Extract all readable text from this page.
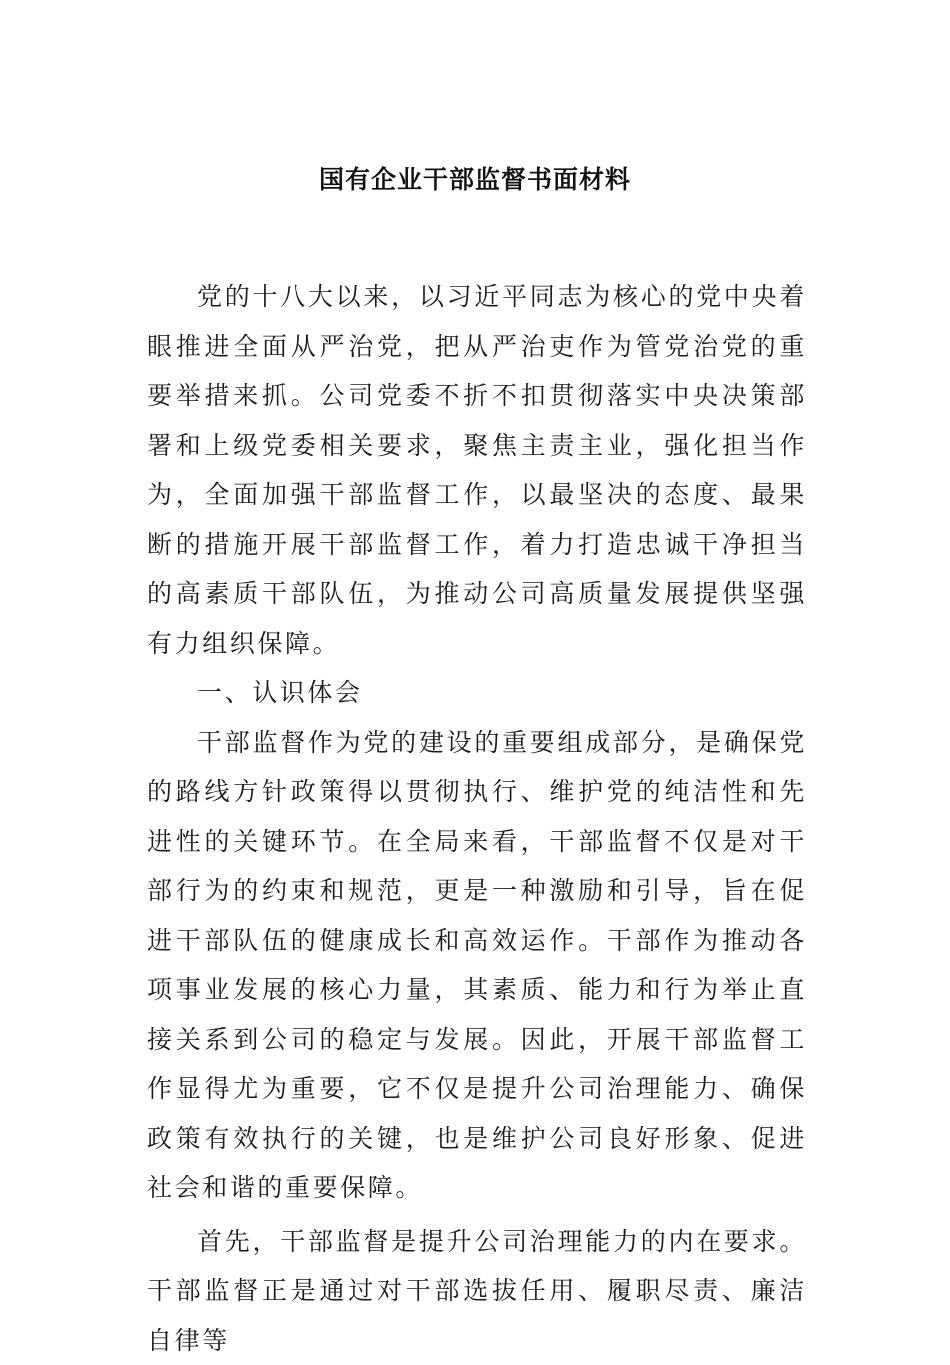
国有企业干部监督书面材料

党的十八大以来，以习近平同志为核心的党中央着眼推进全面从严治党，把从严治吏作为管党治党的重要举措来抓。公司党委不折不扣贯彻落实中央决策部署和上级党委相关要求，聚焦主责主业，强化担当作为，全面加强干部监督工作，以最坚决的态度、最果断的措施开展干部监督工作，着力打造忠诚干净担当的高素质干部队伍，为推动公司高质量发展提供坚强有力组织保障。

一、认识体会

干部监督作为党的建设的重要组成部分，是确保党的路线方针政策得以贯彻执行、维护党的纯洁性和先进性的关键环节。在全局来看，干部监督不仅是对干部行为的约束和规范，更是一种激励和引导，旨在促进干部队伍的健康成长和高效运作。干部作为推动各项事业发展的核心力量，其素质、能力和行为举止直接关系到公司的稳定与发展。因此，开展干部监督工作显得尤为重要，它不仅是提升公司治理能力、确保政策有效执行的关键，也是维护公司良好形象、促进社会和谐的重要保障。

首先，干部监督是提升公司治理能力的内在要求。干部监督正是通过对干部选拔任用、履职尽责、廉洁自律等
